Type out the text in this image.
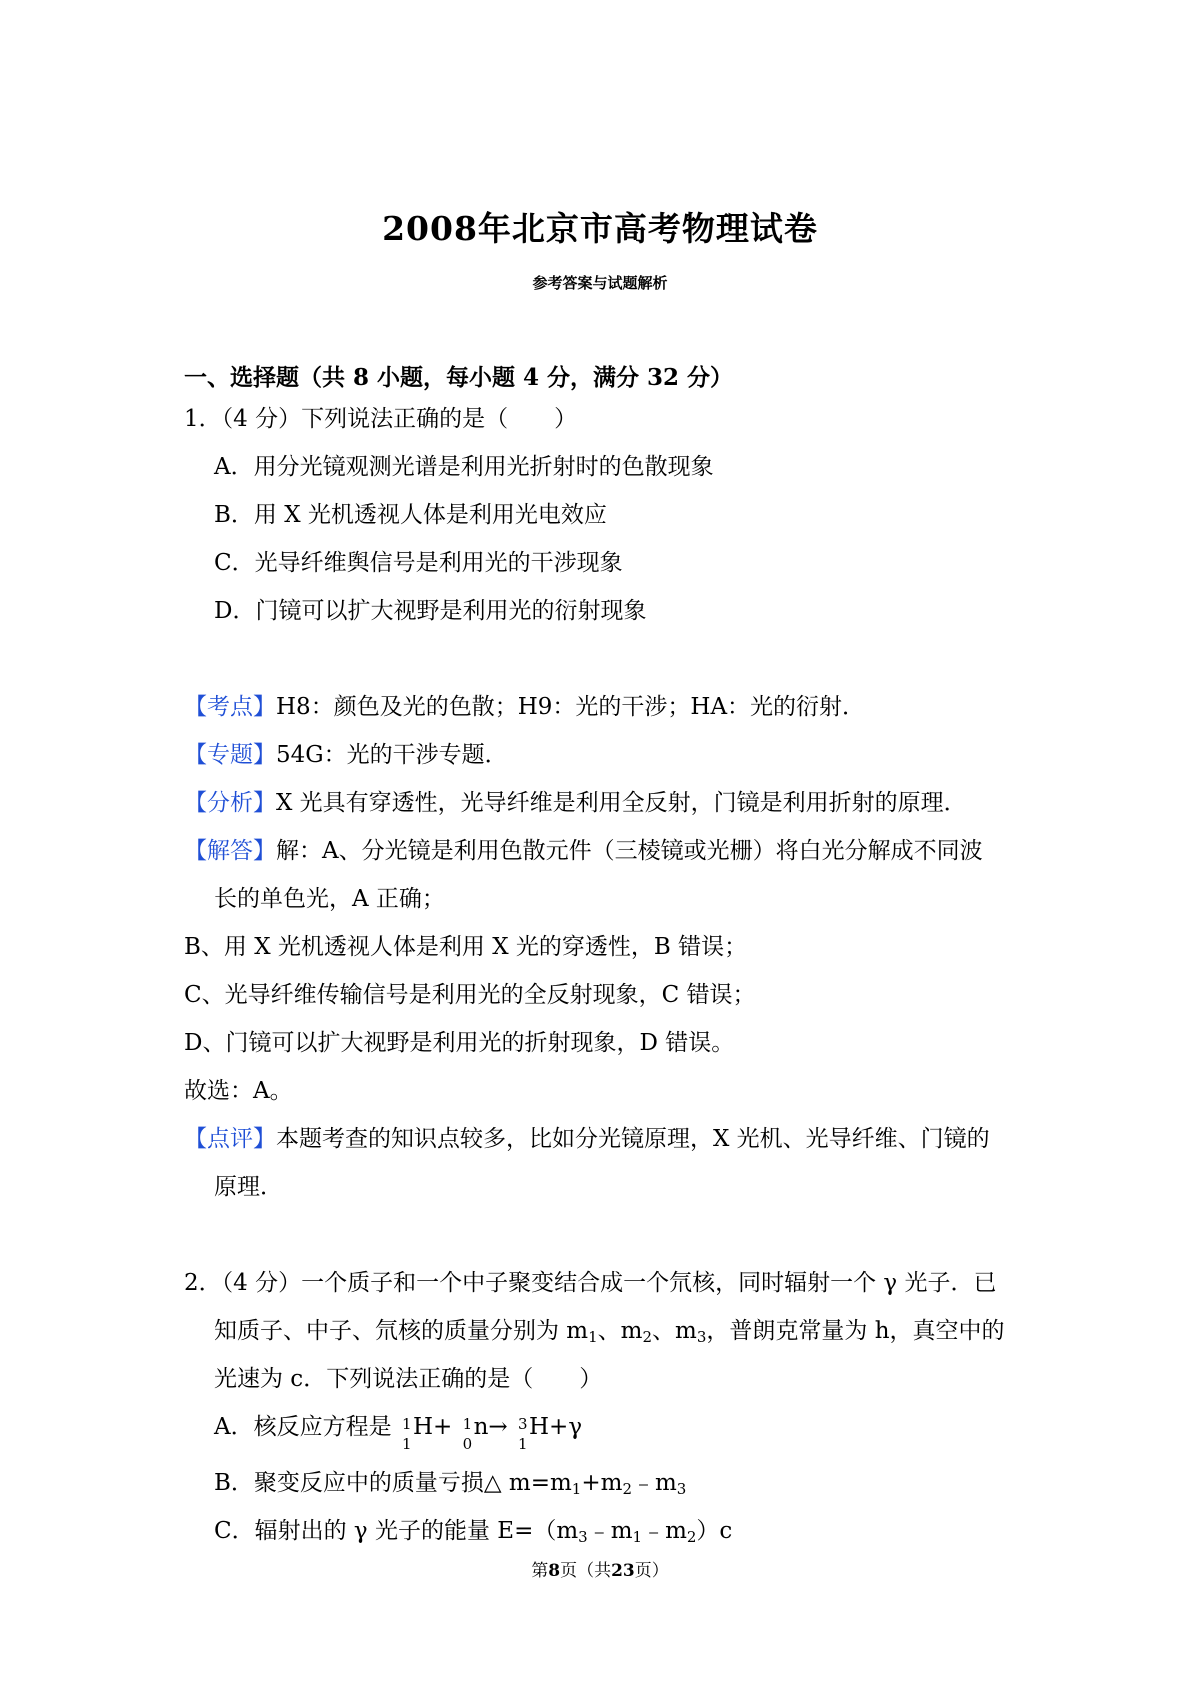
2008年北京市高考物理试卷
参考答案与试题解析
一、选择题（共 8 小题，每小题 4 分，满分 32 分）
1．（4 分）下列说法正确的是（　　）
A．用分光镜观测光谱是利用光折射时的色散现象
B．用 X 光机透视人体是利用光电效应
C．光导纤维舆信号是利用光的干涉现象
D．门镜可以扩大视野是利用光的衍射现象
【考点】H8：颜色及光的色散；H9：光的干涉；HA：光的衍射．
【专题】54G：光的干涉专题．
【分析】X 光具有穿透性，光导纤维是利用全反射，门镜是利用折射的原理．
【解答】解：A、分光镜是利用色散元件（三棱镜或光栅）将白光分解成不同波
长的单色光，A 正确；
B、用 X 光机透视人体是利用 X 光的穿透性，B 错误；
C、光导纤维传输信号是利用光的全反射现象，C 错误；
D、门镜可以扩大视野是利用光的折射现象，D 错误。
故选：A。
【点评】本题考查的知识点较多，比如分光镜原理，X 光机、光导纤维、门镜的
原理．
2．（4 分）一个质子和一个中子聚变结合成一个氘核，同时辐射一个 γ 光子．已
知质子、中子、氘核的质量分别为 $m_1$、$m_2$、$m_3$，普朗克常量为 h，真空中的
光速为 c．下列说法正确的是（　　）
A．核反应方程是 1
1
H+ 1
0
n→ 3
1
H+γ
B．聚变反应中的质量亏损△ $m=m_1+m_2﹣m_3$
C．辐射出的 γ 光子的能量 $E=(m_3﹣m_1﹣m_2)c$
第8页（共23页）
